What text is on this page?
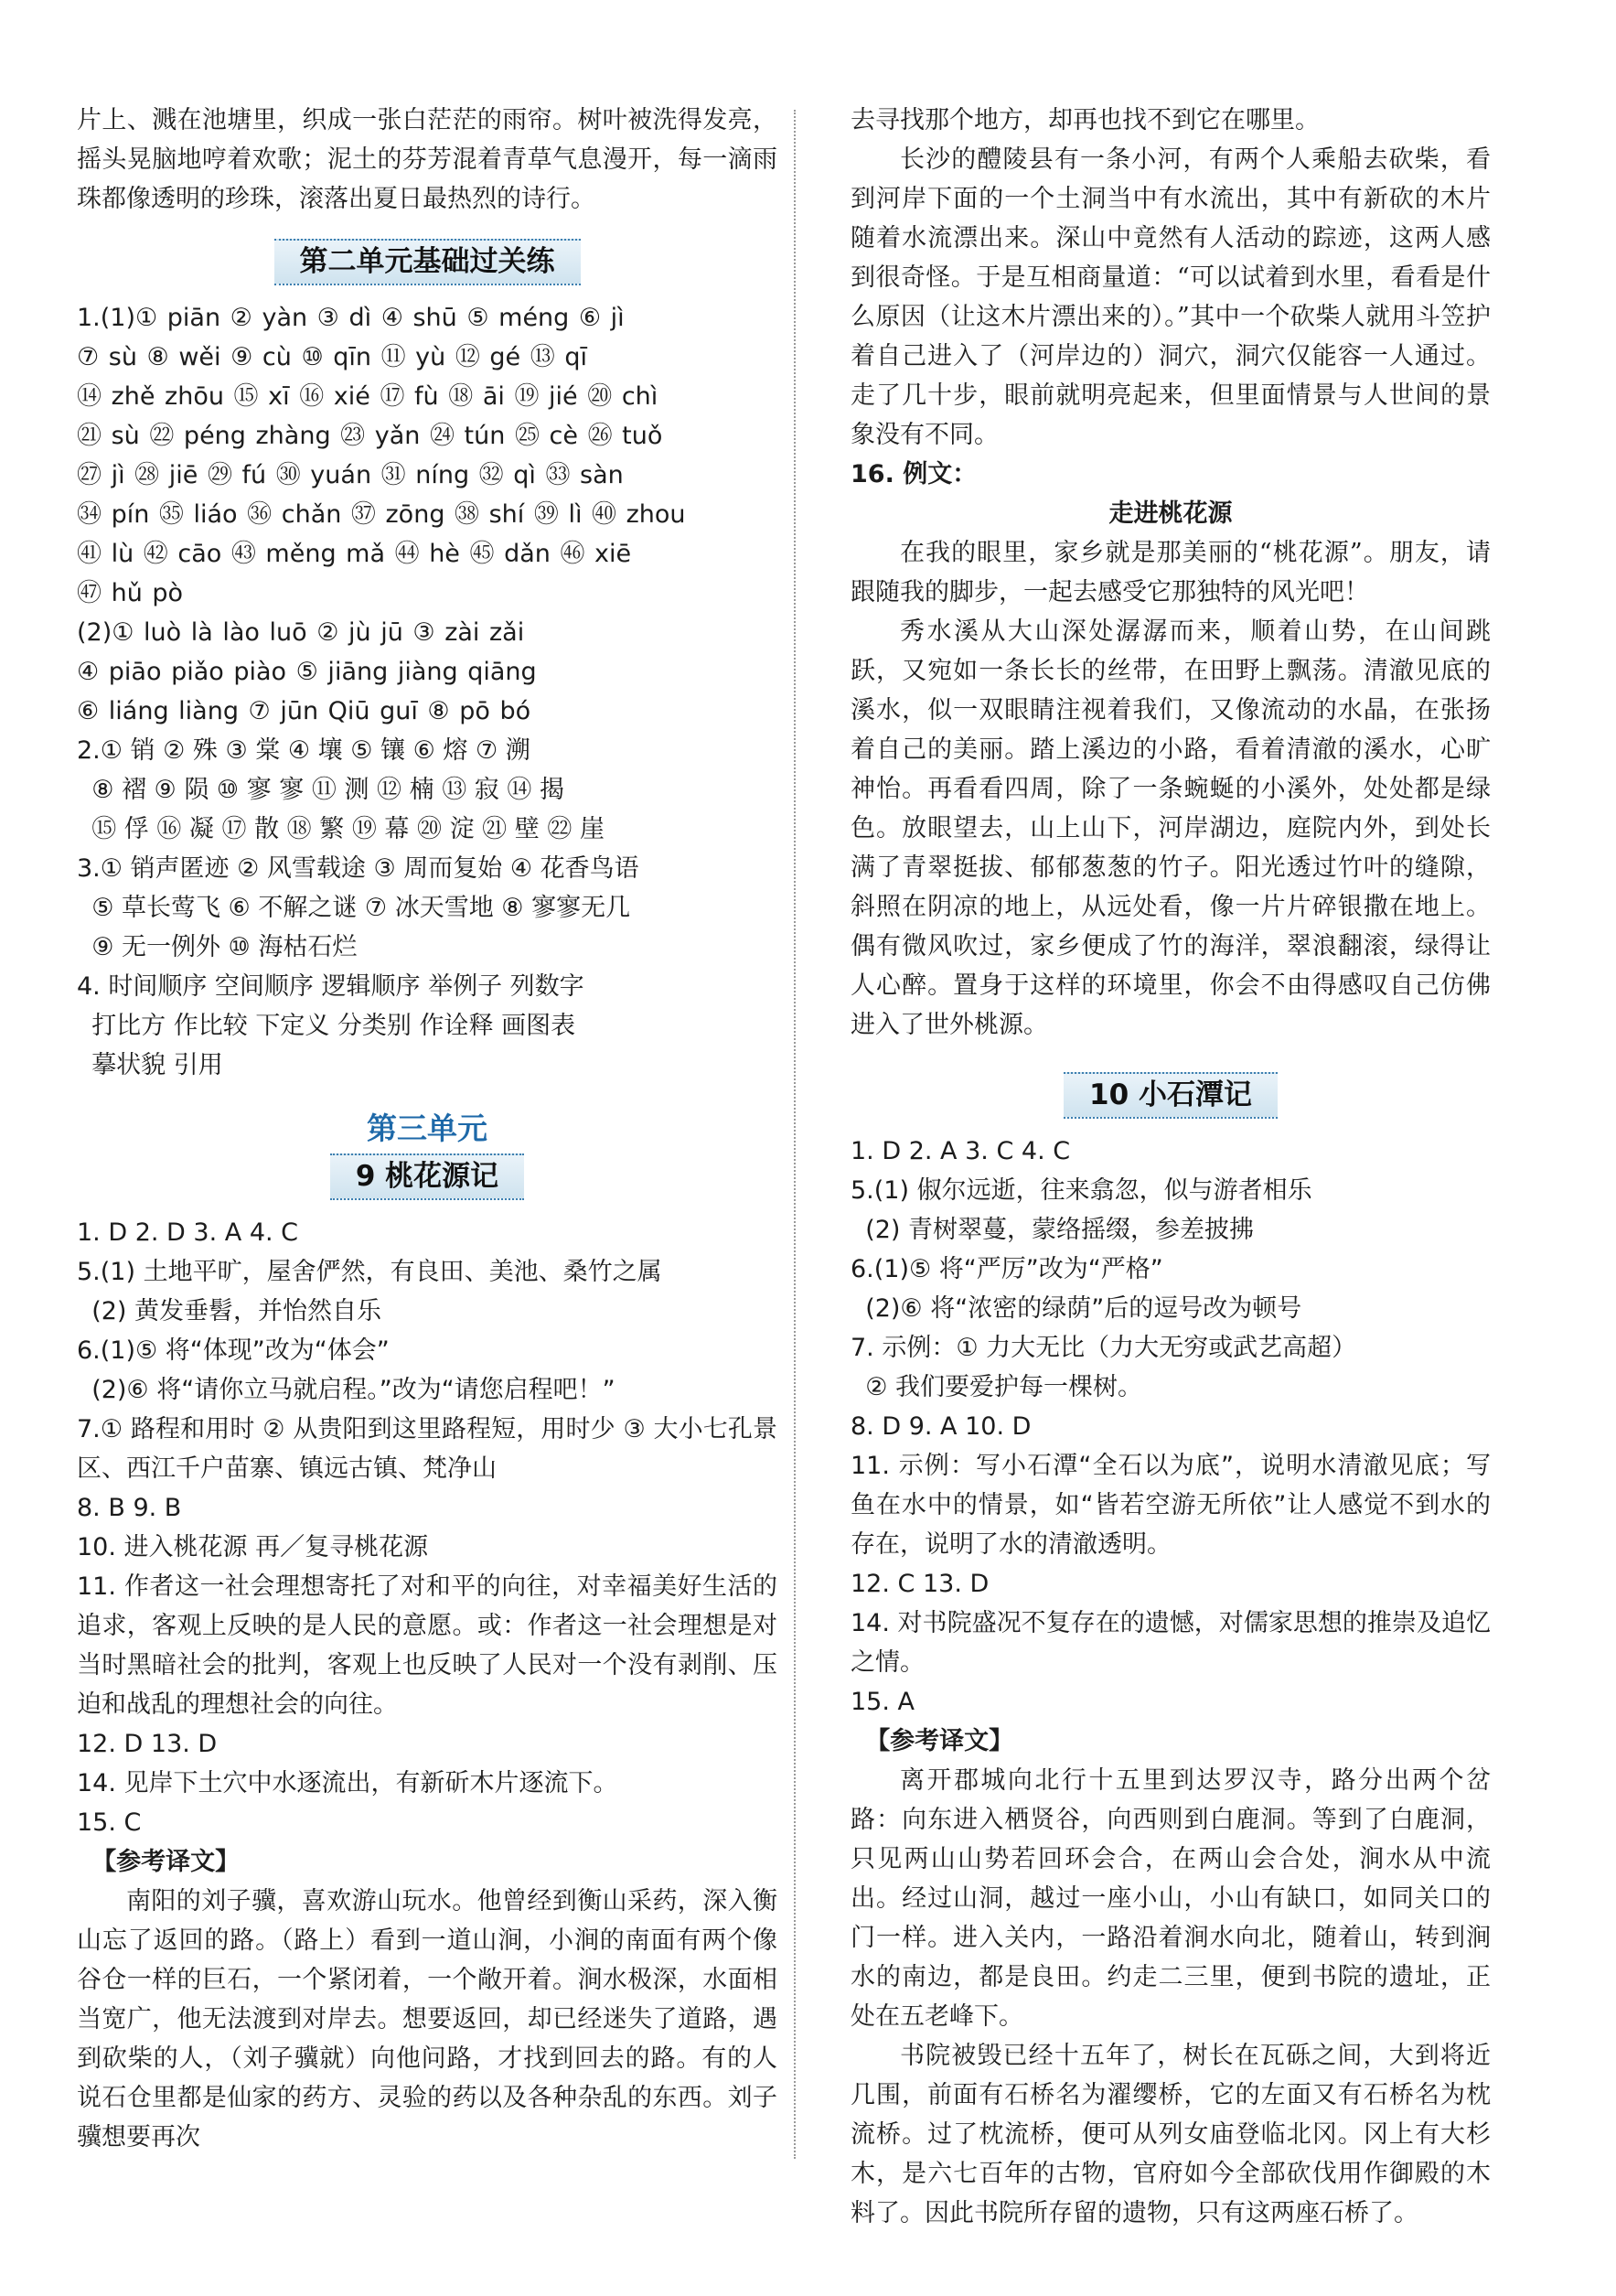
片上、溅在池塘里，织成一张白茫茫的雨帘。树叶被洗得发亮，摇头晃脑地哼着欢歌；泥土的芬芳混着青草气息漫开，每一滴雨珠都像透明的珍珠，滚落出夏日最热烈的诗行。

第二单元基础过关练

1.(1)① piān ② yàn ③ dì ④ shū ⑤ méng ⑥ jì

⑦ sù ⑧ wěi ⑨ cù ⑩ qīn ⑪ yù ⑫ gé ⑬ qī

⑭ zhě zhōu ⑮ xī ⑯ xié ⑰ fù ⑱ āi ⑲ jié ⑳ chì

㉑ sù ㉒ péng zhàng ㉓ yǎn ㉔ tún ㉕ cè ㉖ tuǒ

㉗ jì ㉘ jiē ㉙ fú ㉚ yuán ㉛ níng ㉜ qì ㉝ sàn

㉞ pín ㉟ liáo ㊱ chǎn ㊲ zōng ㊳ shí ㊴ lì ㊵ zhou

㊶ lù ㊷ cāo ㊸ měng mǎ ㊹ hè ㊺ dǎn ㊻ xiē

㊼ hǔ pò

(2)① luò là lào luō ② jù jū ③ zài zǎi

④ piāo piǎo piào ⑤ jiāng jiàng qiāng

⑥ liáng liàng ⑦ jūn Qiū guī ⑧ pō bó

2.① 销 ② 殊 ③ 棠 ④ 壤 ⑤ 镶 ⑥ 熔 ⑦ 溯

⑧ 褶 ⑨ 陨 ⑩ 寥 寥 ⑪ 测 ⑫ 楠 ⑬ 寂 ⑭ 揭

⑮ 俘 ⑯ 凝 ⑰ 散 ⑱ 繁 ⑲ 幕 ⑳ 淀 ㉑ 壁 ㉒ 崖

3.① 销声匿迹 ② 风雪载途 ③ 周而复始 ④ 花香鸟语

⑤ 草长莺飞 ⑥ 不解之谜 ⑦ 冰天雪地 ⑧ 寥寥无几

⑨ 无一例外 ⑩ 海枯石烂

4. 时间顺序 空间顺序 逻辑顺序 举例子 列数字

打比方 作比较 下定义 分类别 作诠释 画图表

摹状貌 引用

第三单元
9 桃花源记

1. D 2. D 3. A 4. C

5.(1) 土地平旷，屋舍俨然，有良田、美池、桑竹之属

(2) 黄发垂髫，并怡然自乐

6.(1)⑤ 将“体现”改为“体会”

(2)⑥ 将“请你立马就启程。”改为“请您启程吧！”

7.① 路程和用时 ② 从贵阳到这里路程短，用时少 ③ 大小七孔景区、西江千户苗寨、镇远古镇、梵净山

8. B 9. B

10. 进入桃花源 再／复寻桃花源

11. 作者这一社会理想寄托了对和平的向往，对幸福美好生活的追求，客观上反映的是人民的意愿。或：作者这一社会理想是对当时黑暗社会的批判，客观上也反映了人民对一个没有剥削、压迫和战乱的理想社会的向往。

12. D 13. D

14. 见岸下土穴中水逐流出，有新斫木片逐流下。

15. C

【参考译文】

南阳的刘子骥，喜欢游山玩水。他曾经到衡山采药，深入衡山忘了返回的路。（路上）看到一道山涧，小涧的南面有两个像谷仓一样的巨石，一个紧闭着，一个敞开着。涧水极深，水面相当宽广，他无法渡到对岸去。想要返回，却已经迷失了道路，遇到砍柴的人，（刘子骥就）向他问路，才找到回去的路。有的人说石仓里都是仙家的药方、灵验的药以及各种杂乱的东西。刘子骥想要再次

去寻找那个地方，却再也找不到它在哪里。

长沙的醴陵县有一条小河，有两个人乘船去砍柴，看到河岸下面的一个土洞当中有水流出，其中有新砍的木片随着水流漂出来。深山中竟然有人活动的踪迹，这两人感到很奇怪。于是互相商量道：“可以试着到水里，看看是什么原因（让这木片漂出来的）。”其中一个砍柴人就用斗笠护着自己进入了（河岸边的）洞穴，洞穴仅能容一人通过。走了几十步，眼前就明亮起来，但里面情景与人世间的景象没有不同。

16. 例文：

走进桃花源

在我的眼里，家乡就是那美丽的“桃花源”。朋友，请跟随我的脚步，一起去感受它那独特的风光吧！

秀水溪从大山深处潺潺而来，顺着山势，在山间跳跃，又宛如一条长长的丝带，在田野上飘荡。清澈见底的溪水，似一双眼睛注视着我们，又像流动的水晶，在张扬着自己的美丽。踏上溪边的小路，看着清澈的溪水，心旷神怡。再看看四周，除了一条蜿蜒的小溪外，处处都是绿色。放眼望去，山上山下，河岸湖边，庭院内外，到处长满了青翠挺拔、郁郁葱葱的竹子。阳光透过竹叶的缝隙，斜照在阴凉的地上，从远处看，像一片片碎银撒在地上。偶有微风吹过，家乡便成了竹的海洋，翠浪翻滚，绿得让人心醉。置身于这样的环境里，你会不由得感叹自己仿佛进入了世外桃源。

10 小石潭记

1. D 2. A 3. C 4. C

5.(1) 俶尔远逝，往来翕忽，似与游者相乐

(2) 青树翠蔓，蒙络摇缀，参差披拂

6.(1)⑤ 将“严厉”改为“严格”

(2)⑥ 将“浓密的绿荫”后的逗号改为顿号

7. 示例：① 力大无比（力大无穷或武艺高超）

② 我们要爱护每一棵树。

8. D 9. A 10. D

11. 示例：写小石潭“全石以为底”，说明水清澈见底；写鱼在水中的情景，如“皆若空游无所依”让人感觉不到水的存在，说明了水的清澈透明。

12. C 13. D

14. 对书院盛况不复存在的遗憾，对儒家思想的推崇及追忆之情。

15. A

【参考译文】

离开郡城向北行十五里到达罗汉寺，路分出两个岔路：向东进入栖贤谷，向西则到白鹿洞。等到了白鹿洞，只见两山山势若回环会合，在两山会合处，涧水从中流出。经过山洞，越过一座小山，小山有缺口，如同关口的门一样。进入关内，一路沿着涧水向北，随着山，转到涧水的南边，都是良田。约走二三里，便到书院的遗址，正处在五老峰下。

书院被毁已经十五年了，树长在瓦砾之间，大到将近几围，前面有石桥名为濯缨桥，它的左面又有石桥名为枕流桥。过了枕流桥，便可从列女庙登临北冈。冈上有大杉木，是六七百年的古物，官府如今全部砍伐用作御殿的木料了。因此书院所存留的遗物，只有这两座石桥了。
